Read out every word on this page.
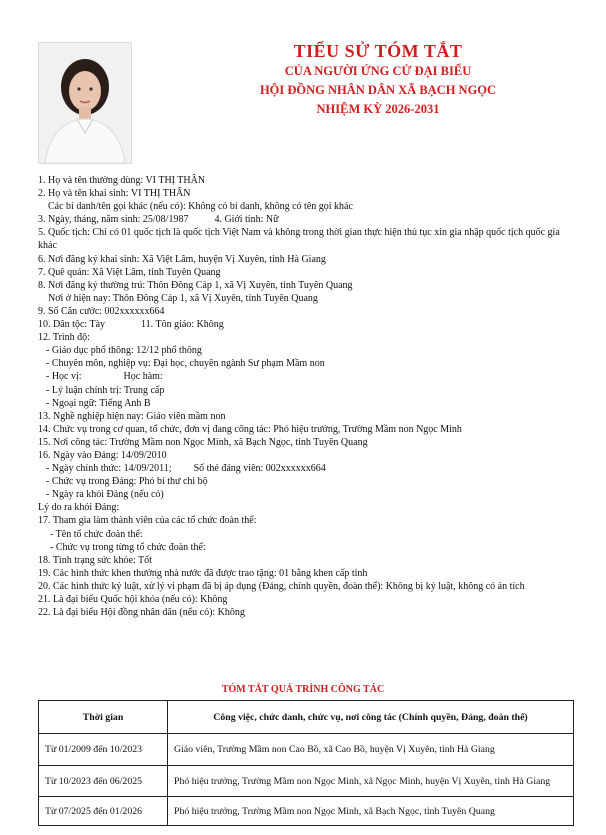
TIỂU SỬ TÓM TẮT
CỦA NGƯỜI ỨNG CỬ ĐẠI BIỂU
HỘI ĐỒNG NHÂN DÂN XÃ BẠCH NGỌC
NHIỆM KỲ 2026-2031
1. Họ và tên thường dùng: VI THỊ THÂN
2. Họ và tên khai sinh: VI THỊ THÂN
Các bí danh/tên gọi khác (nếu có): Không có bí danh, không có tên gọi khác
3. Ngày, tháng, năm sinh: 25/08/1987	4. Giới tính: Nữ
5. Quốc tịch: Chỉ có 01 quốc tịch là quốc tịch Việt Nam và không trong thời gian thực hiện thủ tục xin gia nhập quốc tịch quốc gia khác
6. Nơi đăng ký khai sinh: Xã Việt Lâm, huyện Vị Xuyên, tỉnh Hà Giang
7. Quê quán: Xã Việt Lâm, tỉnh Tuyên Quang
8. Nơi đăng ký thường trú: Thôn Đông Cáp 1, xã Vị Xuyên, tỉnh Tuyên Quang
Nơi ở hiện nay: Thôn Đông Cáp 1, xã Vị Xuyên, tỉnh Tuyên Quang
9. Số Căn cước: 002xxxxxx664
10. Dân tộc: Tày	11. Tôn giáo: Không
12. Trình độ:
- Giáo dục phổ thông: 12/12 phổ thông
- Chuyên môn, nghiệp vụ: Đại học, chuyên ngành Sư phạm Mầm non
- Học vị:	Học hàm:
- Lý luận chính trị: Trung cấp
- Ngoại ngữ: Tiếng Anh B
13. Nghề nghiệp hiện nay: Giáo viên mầm non
14. Chức vụ trong cơ quan, tổ chức, đơn vị đang công tác: Phó hiệu trưởng, Trường Mầm non Ngọc Minh
15. Nơi công tác: Trường Mầm non Ngọc Minh, xã Bạch Ngọc, tỉnh Tuyên Quang
16. Ngày vào Đảng: 14/09/2010
- Ngày chính thức: 14/09/2011; Số thẻ đảng viên: 002xxxxxx664
- Chức vụ trong Đảng: Phó bí thư chi bộ
- Ngày ra khỏi Đảng (nếu có)
Lý do ra khỏi Đảng:
17. Tham gia làm thành viên của các tổ chức đoàn thể:
- Tên tổ chức đoàn thể:
- Chức vụ trong từng tổ chức đoàn thể:
18. Tình trạng sức khỏe: Tốt
19. Các hình thức khen thưởng nhà nước đã được trao tặng: 01 bằng khen cấp tỉnh
20. Các hình thức kỷ luật, xử lý vi phạm đã bị áp dụng (Đảng, chính quyền, đoàn thể): Không bị kỷ luật, không có án tích
21. Là đại biểu Quốc hội khóa (nếu có): Không
22. Là đại biểu Hội đồng nhân dân (nếu có): Không
TÓM TẮT QUÁ TRÌNH CÔNG TÁC
Thời gian	Công việc, chức danh, chức vụ, nơi công tác (Chính quyền, Đảng, đoàn thể)
Từ 01/2009 đến 10/2023	Giáo viên, Trường Mầm non Cao Bồ, xã Cao Bồ, huyện Vị Xuyên, tỉnh Hà Giang
Từ 10/2023 đến 06/2025	Phó hiệu trưởng, Trường Mầm non Ngọc Minh, xã Ngọc Minh, huyện Vị Xuyên, tỉnh Hà Giang
Từ 07/2025 đến 01/2026	Phó hiệu trưởng, Trường Mầm non Ngọc Minh, xã Bạch Ngọc, tỉnh Tuyên Quang
